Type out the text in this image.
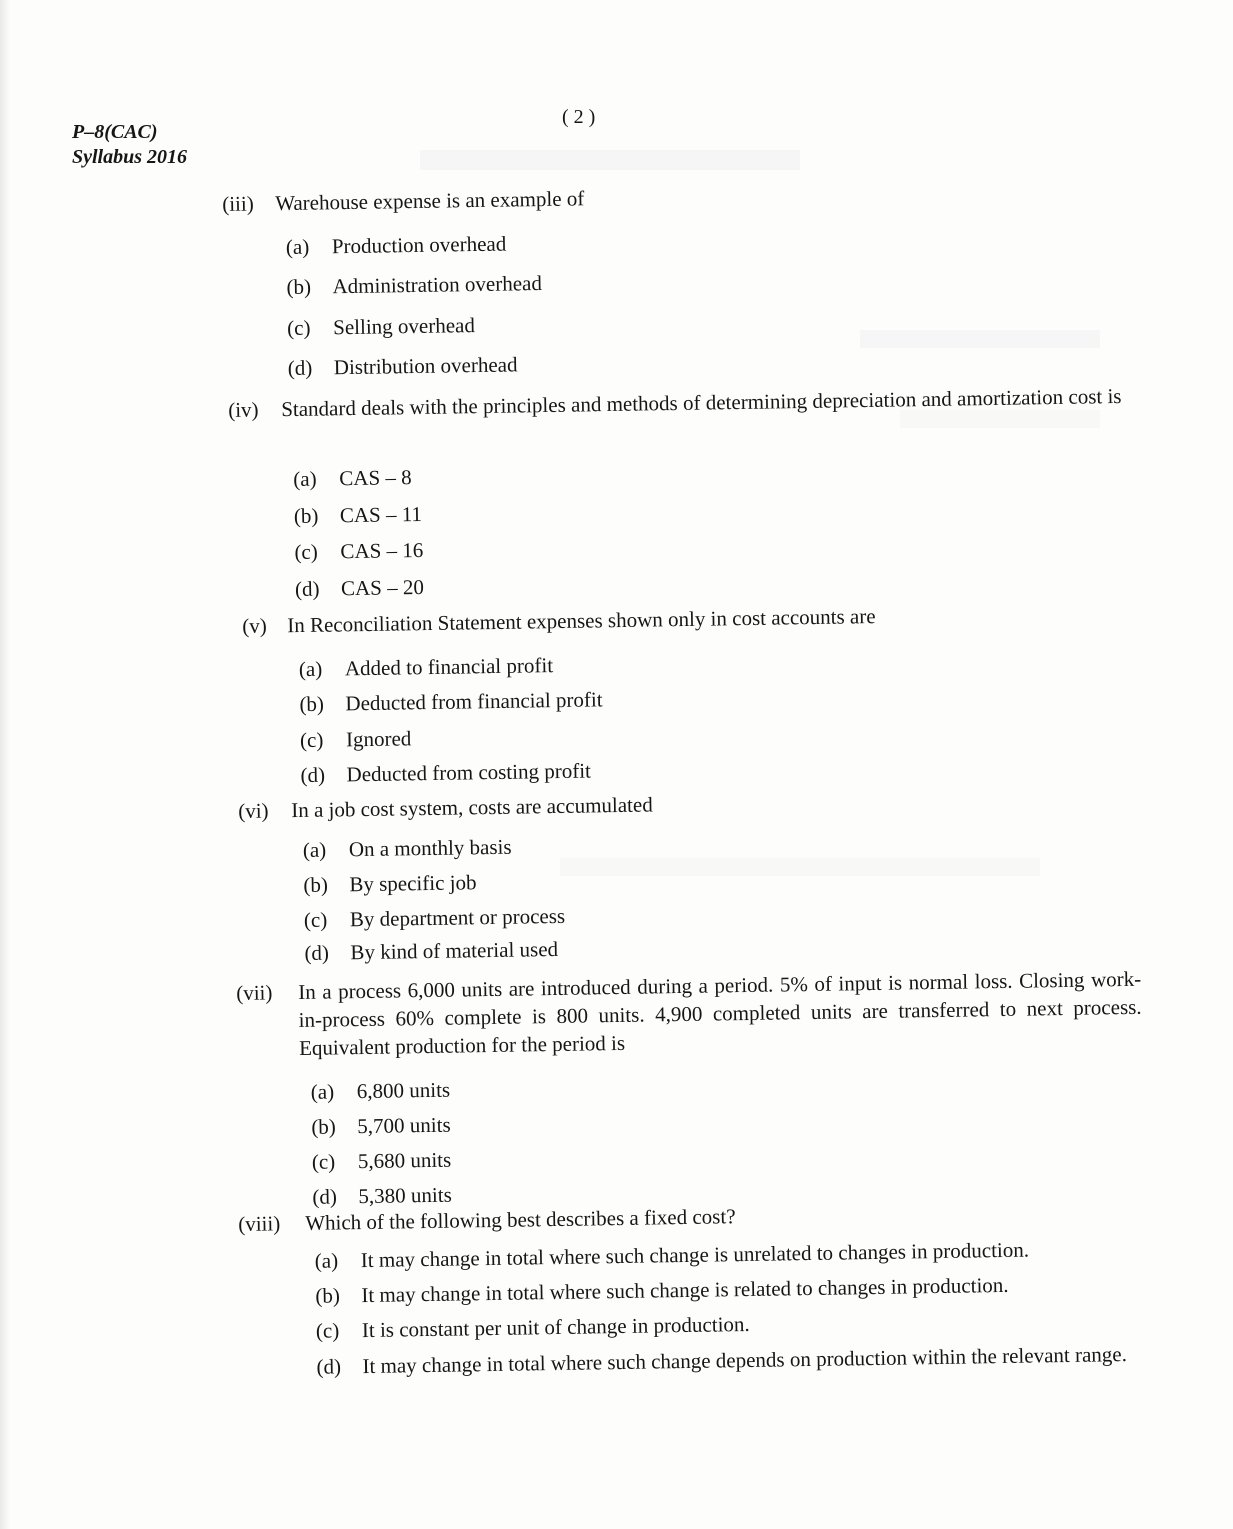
P–8(CAC)
Syllabus 2016
( 2 )
(iii) Warehouse expense is an example of
(a) Production overhead
(b) Administration overhead
(c) Selling overhead
(d) Distribution overhead
(iv) Standard deals with the principles and methods of determining depreciation and amortization cost is
(a) CAS – 8
(b) CAS – 11
(c) CAS – 16
(d) CAS – 20
(v) In Reconciliation Statement expenses shown only in cost accounts are
(a) Added to financial profit
(b) Deducted from financial profit
(c) Ignored
(d) Deducted from costing profit
(vi) In a job cost system, costs are accumulated
(a) On a monthly basis
(b) By specific job
(c) By department or process
(d) By kind of material used
(vii) In a process 6,000 units are introduced during a period. 5% of input is normal loss. Closing work-in-process 60% complete is 800 units. 4,900 completed units are transferred to next process. Equivalent production for the period is
(a) 6,800 units
(b) 5,700 units
(c) 5,680 units
(d) 5,380 units
(viii) Which of the following best describes a fixed cost?
(a) It may change in total where such change is unrelated to changes in production.
(b) It may change in total where such change is related to changes in production.
(c) It is constant per unit of change in production.
(d) It may change in total where such change depends on production within the relevant range.
